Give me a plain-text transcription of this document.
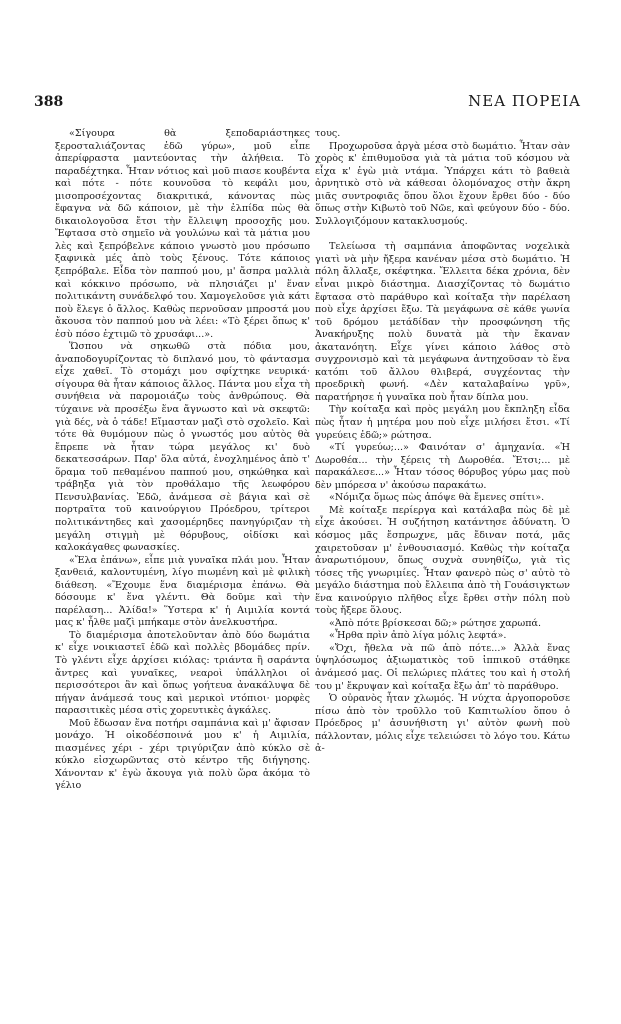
388	ΝΕΑ ΠΟΡΕΙΑ

«Σίγουρα θὰ ξεποδαριάστηκες ξεροσταλιάζοντας ἐδῶ γύρω», μοῦ εἶπε ἀπερίφραστα μαντεύοντας τὴν ἀλήθεια. Τὸ παραδέχτηκα. Ἦταν νότιος καὶ μοῦ πιασε κουβέντα καὶ πότε - πότε κουνοῦσα τὸ κεφάλι μου, μισοπροσέχοντας διακριτικά, κάνοντας πὼς ἔφαγνα νὰ δῶ κάποιον, μὲ τὴν ἐλπίδα πὼς θὰ δικαιολογοῦσα ἔτσι τὴν ἔλλειψη προσοχῆς μου. Ἔφτασα στὸ σημεῖο νὰ γουλώνω καὶ τὰ μάτια μου λὲς καὶ ξεπρόβελνε κάποιο γνωστὸ μου πρόσωπο ξαφνικὰ μές ἀπὸ τοὺς ξένους. Τότε κάποιος ξεπρόβαλε. Εἶδα τὸν παππού μου, μ' ἄσπρα μαλλιὰ καὶ κόκκινο πρόσωπο, νὰ πλησιάζει μ' ἕναν πολιτικάντη συνάδελφό του. Χαμογελοῦσε γιὰ κάτι ποὺ ἔλεγε ὁ ἄλλος. Καθὼς περνοῦσαν μπροστά μου ἄκουσα τὸν παππού μου νὰ λέει: «Τὸ ξέρει ὅπως κ' ἐσὺ πόσο ἐχτιμῶ τὸ χρυσάφι...».

Ὥσπου νὰ σηκωθῶ στὰ πόδια μου, ἀναποδογυρίζοντας τὸ διπλανό μου, τὸ φάντασμα εἶχε χαθεῖ. Τὸ στομάχι μου σφίχτηκε νευρικά· σίγουρα θὰ ἦταν κάποιος ἄλλος. Πάντα μου εἶχα τὴ συνήθεια νὰ παρομοιάζω τοὺς ἀνθρώπους. Θὰ τύχαινε νὰ προσέξω ἕνα ἄγνωστο καὶ νὰ σκεφτῶ: γιὰ δές, νὰ ὁ τάδε! Εἴμασταν μαζὶ στὸ σχολεῖο. Καὶ τότε θὰ θυμόμουν πὼς ὁ γνωστός μου αὐτὸς θὰ ἔπρεπε νὰ ἦταν τώρα μεγάλος κι' δυὸ δεκατεσσάρων. Παρ' ὅλα αὐτά, ἐνοχλημένος ἀπὸ τ' ὅραμα τοῦ πεθαμένου παππού μου, σηκώθηκα καὶ τράβηξα γιὰ τὸν προθάλαμο τῆς λεωφόρου Πενσυλβανίας. Ἐδῶ, ἀνάμεσα σὲ βάγια καὶ σὲ πορτραῖτα τοῦ καινούργιου Πρόεδρου, τρίτεροι πολιτικάντηδες καὶ χασομέρηδες πανηγύριζαν τὴ μεγάλη στιγμὴ μὲ θόρυβους, οἰδίσκι καὶ καλοκάγαθες φωνασκίες.

«Ἔλα ἐπάνω», εἶπε μιὰ γυναῖκα πλάι μου. Ἦταν ξανθειά, καλοντυμένη, λίγο πιωμένη καὶ μὲ φιλικὴ διάθεση. «Ἔχουμε ἕνα διαμέρισμα ἐπάνω. Θὰ δόσουμε κ' ἕνα γλέντι. Θὰ δοῦμε καὶ τὴν παρέλαση... Ἀλίδα!» Ὕστερα κ' ἡ Αιμιλία κοντά μας κ' ἦλθε μαζὶ μπήκαμε στὸν ἀνελκυστήρα.

Τὸ διαμέρισμα ἀποτελοῦνταν ἀπὸ δύο δωμάτια κ' εἶχε νοικιαστεῖ ἐδῶ καὶ πολλὲς βδομάδες πρίν. Τὸ γλέντι εἶχε ἀρχίσει κιόλας: τριάντα ἢ σαράντα ἄντρες καὶ γυναῖκες, νεαροὶ ὑπάλληλοι οἱ περισσότεροι ἂν καὶ ὅπως γοήτευα ἀνακάλυψα δὲ πήγαν ἀνάμεσά τους καὶ μερικοὶ ντόπιοι· μορφὲς παρασιτικὲς μέσα στὶς χορευτικὲς ἀγκάλες.

Μοῦ ἔδωσαν ἕνα ποτήρι σαμπάνια καὶ μ' ἄφισαν μονάχο. Ἡ οἰκοδέσποινά μου κ' ἡ Αιμιλία, πιασμένες χέρι - χέρι τριγύριζαν ἀπὸ κύκλο σὲ κύκλο εἰσχωρῶντας στὸ κέντρο τῆς διήγησης. Χάνονταν κ' ἐγὼ ἄκουγα γιὰ πολὺ ὥρα ἀκόμα τὸ γέλιο

τους.

Προχωροῦσα ἀργὰ μέσα στὸ δωμάτιο. Ἦταν σὰν χορὸς κ' ἐπιθυμοῦσα γιὰ τὰ μάτια τοῦ κόσμου νὰ εἶχα κ' ἐγὼ μιὰ ντάμα. Ὑπάρχει κάτι τὸ βαθειὰ ἀρνητικὸ στὸ νὰ κάθεσαι ὁλομόναχος στὴν ἄκρη μιᾶς συντροφιᾶς ὅπου ὅλοι ἔχουν ἔρθει δύο - δύο ὅπως στὴν Κιβωτὸ τοῦ Νῶε, καὶ φεύγουν δύο - δύο. Συλλογιζόμουν κατακλυσμούς.

Τελείωσα τὴ σαμπάνια ἀποφῶντας νοχελικὰ γιατὶ νὰ μὴν ἤξερα κανέναν μέσα στὸ δωμάτιο. Ἡ πόλη ἄλλαξε, σκέφτηκα. Ἔλλειτα δέκα χρόνια, δὲν εἶναι μικρὸ διάστημα. Διασχίζοντας τὸ δωμάτιο ἔφτασα στὸ παράθυρο καὶ κοίταξα τὴν παρέλαση ποὺ εἶχε ἀρχίσει ἔξω. Τὰ μεγάφωνα σὲ κάθε γωνία τοῦ δρόμου μετάδίδαν τὴν προσφώνηση τῆς Ἀνακήρυξης πολὺ δυνατὰ μὰ τὴν ἔκαναν ἀκατανόητη. Εἶχε γίνει κάποιο λάθος στὸ συγχρονισμὸ καὶ τὰ μεγάφωνα ἀντηχοῦσαν τὸ ἕνα κατόπι τοῦ ἄλλου θλιβερά, συγχέοντας τὴν προεδρικὴ φωνή. «Δὲν καταλαβαίνω γρῦ», παρατήρησε ἡ γυναῖκα ποὺ ἦταν δίπλα μου.

Τὴν κοίταξα καὶ πρὸς μεγάλη μου ἔκπληξη εἶδα πὼς ἦταν ἡ μητέρα μου ποὺ εἶχε μιλήσει ἔτσι. «Τί γυρεύεις ἐδῶ;» ρώτησα.

«Τί γυρεύω;...» Φαινόταν σ' ἀμηχανία. «Ἡ Δωροθέα... τὴν ξέρεις τὴ Δωροθέα. Ἔτσι;... μὲ παρακάλεσε...» Ἦταν τόσος θόρυβος γύρω μας ποὺ δὲν μπόρεσα ν' ἀκούσω παρακάτω.

«Νόμιζα ὅμως πὼς ἀπόψε θὰ ἔμενες σπίτι».

Μὲ κοίταξε περίεργα καὶ κατάλαβα πὼς δὲ μὲ εἶχε ἀκούσει. Ἡ συζήτηση κατάντησε ἀδύνατη. Ὁ κόσμος μᾶς ἔσπρωχνε, μᾶς ἔδιναν ποτά, μᾶς χαιρετοῦσαν μ' ἐνθουσιασμό. Καθὼς τὴν κοίταζα ἀναρωτιόμουν, ὅπως συχνὰ συνηθίζω, γιὰ τὶς τόσες τῆς γνωριμίες. Ἦταν φανερὸ πὼς σ' αὐτὸ τὸ μεγάλο διάστημα ποὺ ἔλλειπα ἀπὸ τὴ Γουάσιγκτων ἕνα καινούργιο πλῆθος εἶχε ἔρθει στὴν πόλη ποὺ τοὺς ἤξερε ὅλους.

«Ἀπὸ πότε βρίσκεσαι δῶ;» ρώτησε χαρωπά.

«Ἦρθα πρὶν ἀπὸ λίγα μόλις λεφτά».

«Ὄχι, ἤθελα νὰ πῶ ἀπὸ πότε...» Ἀλλὰ ἕνας ὑψηλόσωμος ἀξιωματικὸς τοῦ ἱππικοῦ στάθηκε ἀνάμεσό μας. Οἱ πελώριες πλάτες του καὶ ἡ στολή του μ' ἔκρυψαν καὶ κοίταξα ἔξω ἀπ' τὸ παράθυρο.

Ὁ οὐρανὸς ἦταν χλωμός. Ἡ νύχτα ἀργοποροῦσε πίσω ἀπὸ τὸν τροῦλλο τοῦ Καπιτωλίου ὅπου ὁ Πρόεδρος μ' ἀσυνήθιστη γι' αὐτὸν φωνὴ ποὺ πάλλονταν, μόλις εἶχε τελειώσει τὸ λόγο του. Κάτω ἀ-
